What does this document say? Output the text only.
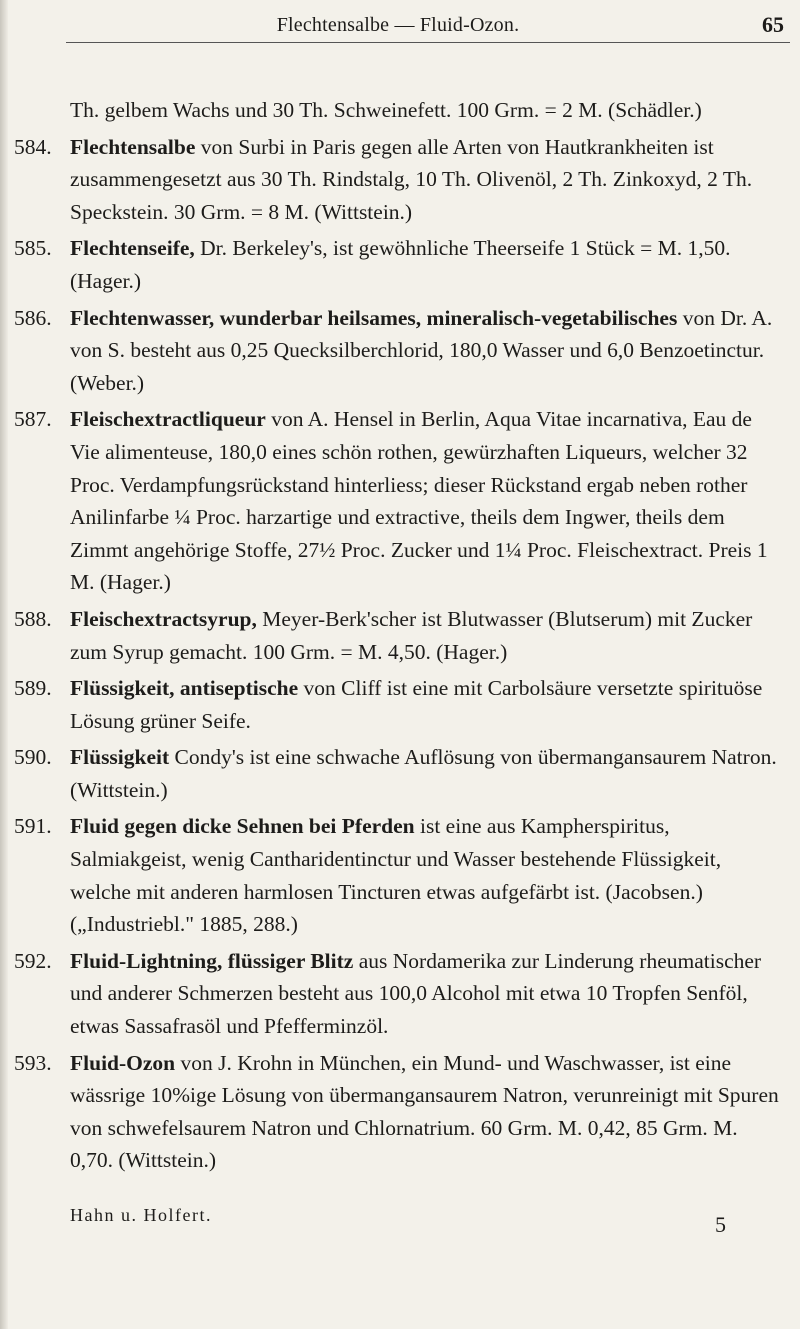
Flechtensalbe — Fluid-Ozon.	65
Th. gelbem Wachs und 30 Th. Schweinefett. 100 Grm. = 2 M. (Schädler.)
584. Flechtensalbe von Surbi in Paris gegen alle Arten von Hautkrankheiten ist zusammengesetzt aus 30 Th. Rindstalg, 10 Th. Olivenöl, 2 Th. Zinkoxyd, 2 Th. Speckstein. 30 Grm. = 8 M. (Wittstein.)
585. Flechtenseife, Dr. Berkeley's, ist gewöhnliche Theerseife 1 Stück = M. 1,50. (Hager.)
586. Flechtenwasser, wunderbar heilsames, mineralisch-vegetabilisches von Dr. A. von S. besteht aus 0,25 Quecksilberchlorid, 180,0 Wasser und 6,0 Benzoetinctur. (Weber.)
587. Fleischextractliqueur von A. Hensel in Berlin, Aqua Vitae incarnativa, Eau de Vie alimenteuse, 180,0 eines schön rothen, gewürzhaften Liqueurs, welcher 32 Proc. Verdampfungsrückstand hinterliess; dieser Rückstand ergab neben rother Anilinfarbe ¼ Proc. harzartige und extractive, theils dem Ingwer, theils dem Zimmt angehörige Stoffe, 27½ Proc. Zucker und 1¼ Proc. Fleischextract. Preis 1 M. (Hager.)
588. Fleischextractsyrup, Meyer-Berk'scher ist Blutwasser (Blutserum) mit Zucker zum Syrup gemacht. 100 Grm. = M. 4,50. (Hager.)
589. Flüssigkeit, antiseptische von Cliff ist eine mit Carbolsäure versetzte spirituöse Lösung grüner Seife.
590. Flüssigkeit Condy's ist eine schwache Auflösung von übermangansaurem Natron. (Wittstein.)
591. Fluid gegen dicke Sehnen bei Pferden ist eine aus Kampherspiritus, Salmiakgeist, wenig Cantharidentinctur und Wasser bestehende Flüssigkeit, welche mit anderen harmlosen Tincturen etwas aufgefärbt ist. (Jacobsen.) („Industriebl." 1885, 288.)
592. Fluid-Lightning, flüssiger Blitz aus Nordamerika zur Linderung rheumatischer und anderer Schmerzen besteht aus 100,0 Alcohol mit etwa 10 Tropfen Senföl, etwas Sassafrasöl und Pfefferminzöl.
593. Fluid-Ozon von J. Krohn in München, ein Mund- und Waschwasser, ist eine wässrige 10%ige Lösung von übermangansaurem Natron, verunreinigt mit Spuren von schwefelsaurem Natron und Chlornatrium. 60 Grm. M. 0,42, 85 Grm. M. 0,70. (Wittstein.)
Hahn u. Holfert.	5
